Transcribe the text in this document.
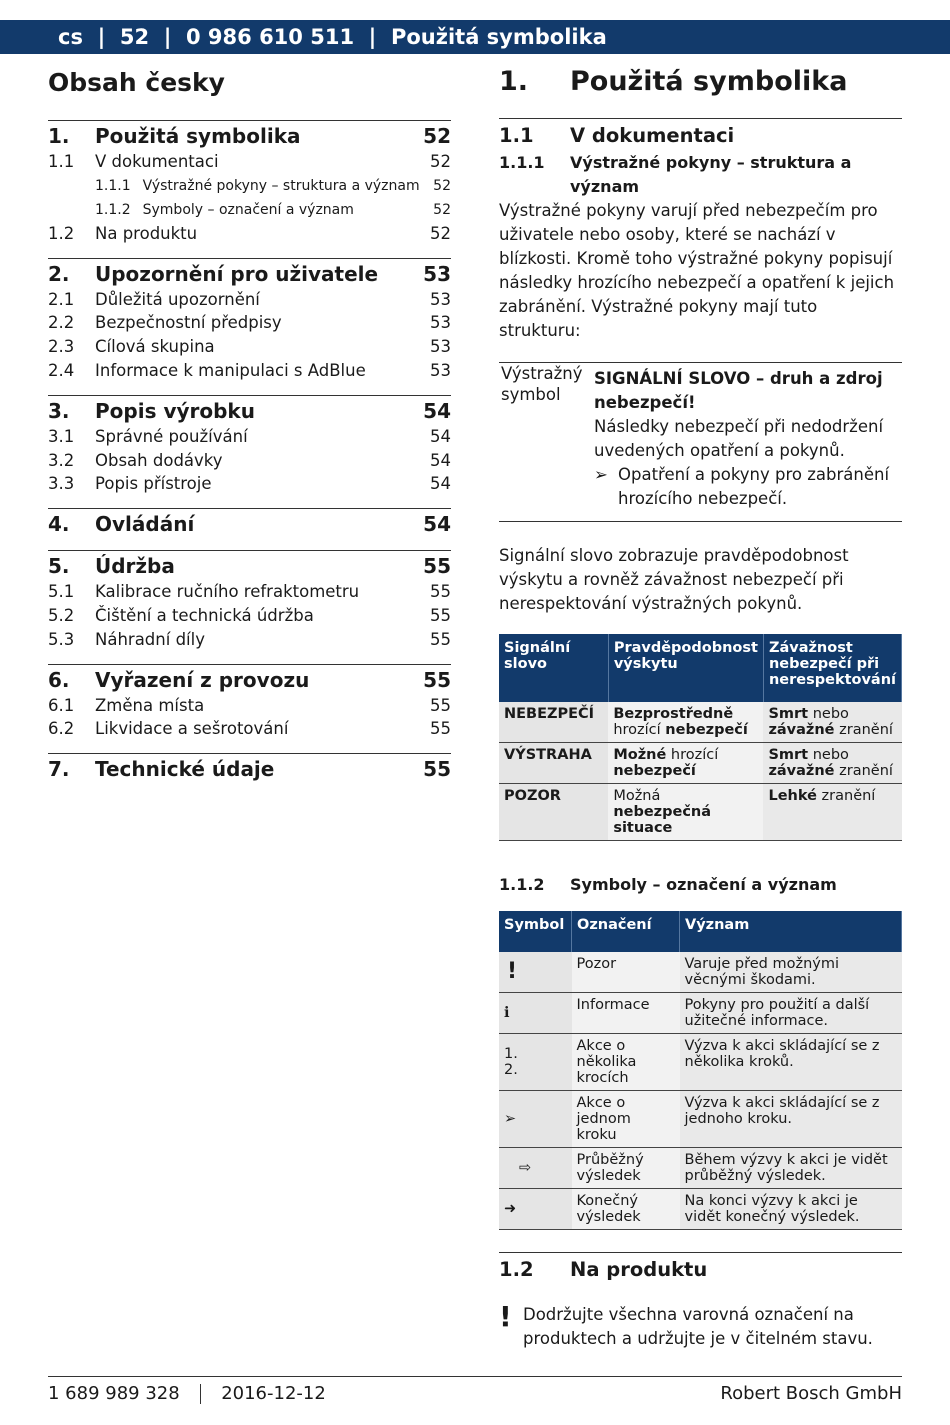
cs  |  52  |  0 986 610 511  |  Použitá symbolika
Obsah česky
1.	Použitá symbolika	52
1.1	V dokumentaci	52
1.1.1 Výstražné pokyny – struktura a význam 52
1.1.2 Symboly – označení a význam	52
1.2	Na produktu	52
2.	Upozornění pro uživatele	53
2.1	Důležitá upozornění	53
2.2	Bezpečnostní předpisy	53
2.3	Cílová skupina	53
2.4	Informace k manipulaci s AdBlue	53
3.	Popis výrobku	54
3.1	Správné používání	54
3.2	Obsah dodávky	54
3.3	Popis přístroje	54
4.	Ovládání	54
5.	Údržba	55
5.1	Kalibrace ručního refraktometru	55
5.2	Čištění a technická údržba	55
5.3	Náhradní díly	55
6.	Vyřazení z provozu	55
6.1	Změna místa	55
6.2	Likvidace a sešrotování	55
7.	Technické údaje	55
1.	Použitá symbolika
1.1	V dokumentaci
1.1.1	Výstražné pokyny – struktura a význam
Výstražné pokyny varují před nebezpečím pro uživatele nebo osoby, které se nachází v blízkosti. Kromě toho výstražné pokyny popisují následky hrozícího nebezpečí a opatření k jejich zabránění. Výstražné pokyny mají tuto strukturu:
Výstražný symbol	
SIGNÁLNÍ SLOVO – druh a zdroj nebezpečí!
Následky nebezpečí při nedodržení uvedených opatření a pokynů.
➢ Opatření a pokyny pro zabránění hrozícího nebezpečí.
Signální slovo zobrazuje pravděpodobnost výskytu a rovněž závažnost nebezpečí při nerespektování výstražných pokynů.
Signální slovo	Pravděpodobnost výskytu	Závažnost nebezpečí při nerespektování
NEBEZPEČÍ	Bezprostředně hrozící nebezpečí	Smrt nebo závažné zranění
VÝSTRAHA	Možné hrozící nebezpečí	Smrt nebo závažné zranění
POZOR	Možná nebezpečná situace	Lehké zranění
1.1.2	Symboly – označení a význam
Symbol	Označení	Význam
!	Pozor	Varuje před možnými věcnými škodami.
ℹ	Informace	Pokyny pro použití a další užitečné informace.
1.
2.	Akce o několika krocích	Výzva k akci skládající se z několika kroků.
➢	Akce o jednom kroku	Výzva k akci skládající se z jednoho kroku.
⇨	Průběžný výsledek	Během výzvy k akci je vidět průběžný výsledek.
➜	Konečný výsledek	Na konci výzvy k akci je vidět konečný výsledek.
1.2	Na produktu
! Dodržujte všechna varovná označení na produktech a udržujte je v čitelném stavu.
1 689 989 328 2016-12-12	Robert Bosch GmbH
